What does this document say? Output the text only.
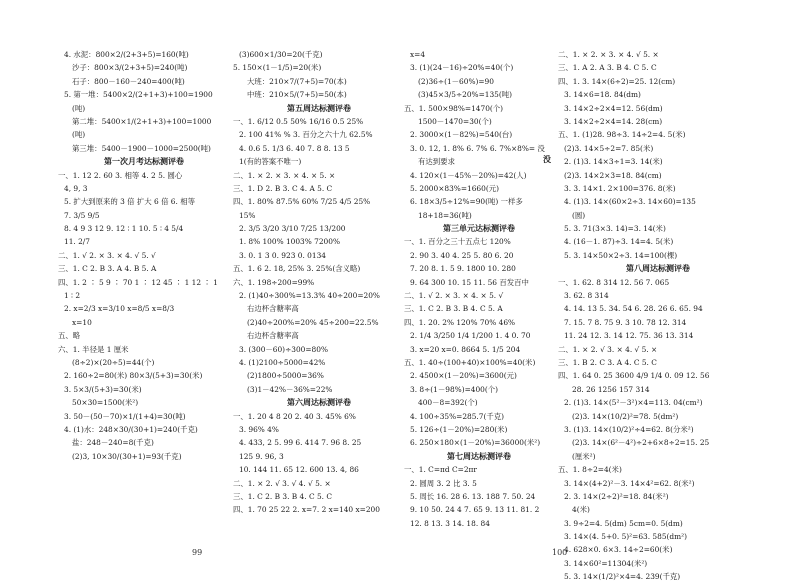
4. 水泥：800×2/(2+3+5)=160(吨)
沙子：800×3/(2+3+5)=240(吨)
石子：800－160－240=400(吨)
5. 第一堆：5400×2/(2+1+3)+100=1900
(吨)
第二堆：5400×1/(2+1+3)+100=1000
(吨)
第三堆：5400－1900－1000=2500(吨)
第一次月考达标测评卷
一、1. 12 2. 60 3. 相等 4. 2 5. 圆心
4, 9, 3
5. 扩大到原来的 3 倍 扩大 6 倍 6. 相等
7. 3/5 9/5
8. 4 9 3 12 9. 12 ∶ 1 10. 5 ∶ 4 5/4
11. 2/7
二、1. √ 2. × 3. × 4. √ 5. √
三、1. C 2. B 3. A 4. B 5. A
四、1. 2 ∶ 5 9 ∶ 70 1 ∶ 12 45 ∶ 1 12 ∶ 1
1 ∶ 2
2. x=2/3 x=3/10 x=8/5 x=8/3
x=10
五、略
六、1. 半径是 1 厘米
(8÷2)×(20÷5)=44(个)
2. 160÷2=80(米) 80×3/(5+3)=30(米)
3. 5×3/(5+3)=30(米)
50×30=1500(米²)
3. 50－(50－70)×1/(1+4)=30(吨)
4. (1)水：248×30/(30+1)=240(千克)
盐：248－240=8(千克)
(2)3, 10×30/(30+1)=93(千克)
(3)600×1/30=20(千克)
5. 150×(1－1/5)=20(米)
大班：210×7/(7+5)=70(本)
中班：210×5/(7+5)=50(本)
第五周达标测评卷
一、1. 6/12 0.5 50% 16/16 0.5 25%
2. 100 41% % 3. 百分之六十九 62.5%
4. 0.6 5. 1/3 6. 40 7. 8 8. 13 5
1(有的答案不唯一)
二、1. × 2. × 3. × 4. × 5. ×
三、1. D 2. B 3. C 4. A 5. C
四、1. 80% 87.5% 60% 7/25 4/5 25%
15%
2. 3/5 3/20 3/10 7/25 13/200
1. 8% 100% 1003% 7200%
3. 0. 1 3 0. 923 0. 0134
五、1. 6 2. 18, 25% 3. 25%(含义略)
六、1. 198÷200=99%
2. (1)40÷300%=13.3% 40÷200=20%
右边杯含糖率高
(2)40÷200%=20% 45÷200=22.5%
右边杯含糖率高
3. (300－60)÷300=80%
4. (1)2100÷5000=42%
(2)1800÷5000=36%
(3)1－42%－36%=22%
第六周达标测评卷
一、1. 20 4 8 20 2. 40 3. 45% 6%
3. 96% 4%
4. 433, 2 5. 99 6. 414 7. 96 8. 25
125 9. 96, 3
10. 144 11. 65 12. 600 13. 4, 86
二、1. × 2. √ 3. √ 4. √ 5. ×
三、1. C 2. B 3. B 4. C 5. C
四、1. 70 25 22 2. x=7. 2 x=140 x=200
x=4
3. (1)(24－16)÷20%=40(个)
(2)36÷(1－60%)=90
(3)45×3/5÷20%=135(吨)
五、1. 500×98%=1470(个)
1500－1470=30(个)
2. 3000×(1－82%)=540(台)
3. 0. 12, 1. 8% 6. 7% 6. 7%×8%= 没
有达到要求
4. 120×(1－45%－20%)=42(人)
5. 2000×83%=1660(元)
6. 18×3/5÷12%=90(吨) 一样多
18+18=36(吨)
第三单元达标测评卷
一、1. 百分之三十五点七 120%
2. 90 3. 40 4. 25 5. 80 6. 20
7. 20 8. 1. 5 9. 1800 10. 280
9. 64 300 10. 15 11. 56 百发百中
二、1. √ 2. × 3. × 4. × 5. √
三、1. C 2. B 3. B 4. C 5. A
四、1. 20. 2% 120% 70% 46%
2. 1/4 3/250 1/4 1/200 1. 4 0. 70
3. x=20 x=0. 8664 5. 1/5 204
五、1. 40÷(100+40)×100%=40(米)
2. 4500×(1－20%)=3600(元)
3. 8÷(1－98%)=400(个)
400－8=392(个)
4. 100÷35%=285.7(千克)
5. 126÷(1－20%)=280(米)
6. 250×180×(1－20%)=36000(米²)
第七周达标测评卷
一、1. C=πd C=2πr
2. 圆周 3. 2 比 3. 5
5. 周长 16. 28 6. 13. 188 7. 50. 24
9. 10 50. 24 4 7. 65 9. 13 11. 81. 2
12. 8 13. 3 14. 18. 84
二、1. × 2. × 3. × 4. √ 5. ×
三、1. A 2. A 3. B 4. C 5. C
四、1. 3. 14×(6÷2)=25. 12(cm)
3. 14×6=18. 84(dm)
3. 14×2÷2×4=12. 56(dm)
3. 14×2÷2×4=14. 28(cm)
五、1. (1)28. 98÷3. 14÷2=4. 5(米)
(2)3. 14×5÷2=7. 85(米)
2. (1)3. 14×3÷1=3. 14(米)
(2)3. 14×2×3=18. 84(cm)
3. 3. 14×1. 2×100=376. 8(米)
4. (1)3. 14×(60×2÷3. 14×60)=135
(圆)
5. 3. 71(3×3. 14)=3. 14(米)
4. (16－1. 87)÷3. 14=4. 5(米)
5. 3. 14×50×2÷3. 14=100(棵)
第八周达标测评卷
一、1. 62. 8 314 12. 56 7. 065
3. 62. 8 314
4. 14. 13 5. 34. 54 6. 28. 26 6. 65. 94
7. 15. 7 8. 75 9. 3 10. 78 12. 314
11. 24 12. 3. 14 12. 75. 36 13. 314
二、1. × 2. √ 3. × 4. √ 5. ×
三、1. B 2. C 3. A 4. C 5. C
四、1. 64 0. 25 3600 4/9 1/4 0. 09 12. 56
28. 26 1256 157 314
2. (1)3. 14×(5²－3²)×4=113. 04(cm²)
(2)3. 14×(10/2)²=78. 5(dm²)
3. (1)3. 14×(10/2)²÷4=62. 8(分米²)
(2)3. 14×(6²－4²)÷2+6×8÷2=15. 25
(厘米²)
五、1. 8÷2=4(米)
3. 14×(4+2)²－3. 14×4²=62. 8(米²)
2. 3. 14×(2÷2)²=18. 84(米²)
4(米)
3. 9÷2=4. 5(dm) 5cm=0. 5(dm)
3. 14×(4. 5+0. 5)²=63. 585(dm²)
4. 628×0. 6×3. 14÷2=60(米)
3. 14×60²=11304(米²)
5. 3. 14×(1/2)²×4=4. 239(千克)
没
99	100
